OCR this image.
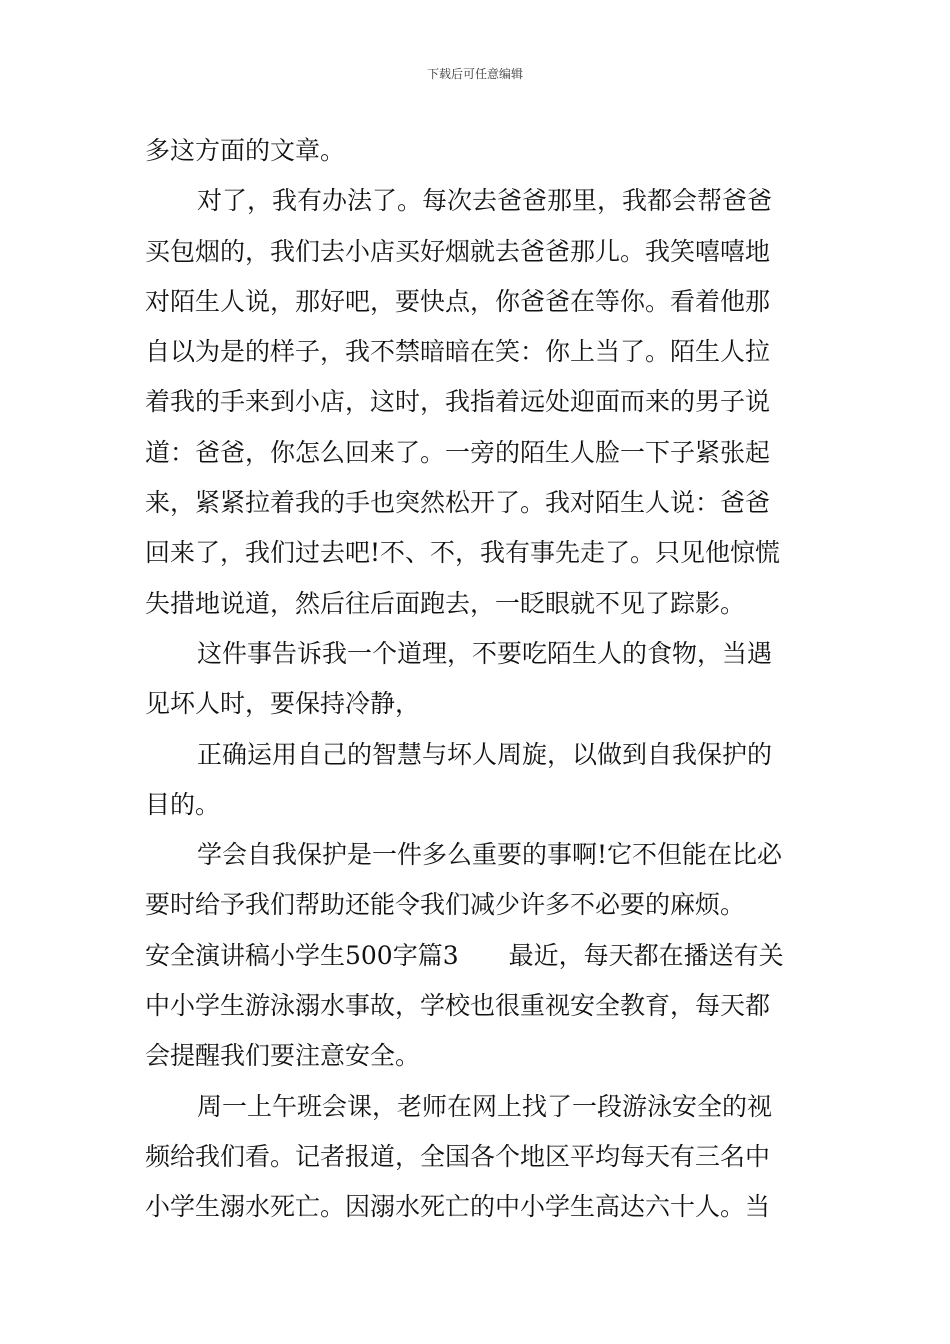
下载后可任意编辑
多这方面的文章。
对了，我有办法了。每次去爸爸那里，我都会帮爸爸
买包烟的，我们去小店买好烟就去爸爸那儿。我笑嘻嘻地
对陌生人说，那好吧，要快点，你爸爸在等你。看着他那
自以为是的样子，我不禁暗暗在笑：你上当了。陌生人拉
着我的手来到小店，这时，我指着远处迎面而来的男子说
道：爸爸，你怎么回来了。一旁的陌生人脸一下子紧张起
来，紧紧拉着我的手也突然松开了。我对陌生人说：爸爸
回来了，我们过去吧!不、不，我有事先走了。只见他惊慌
失措地说道，然后往后面跑去，一眨眼就不见了踪影。
这件事告诉我一个道理，不要吃陌生人的食物，当遇
见坏人时，要保持冷静，
正确运用自己的智慧与坏人周旋，以做到自我保护的
目的。
学会自我保护是一件多么重要的事啊!它不但能在比必
要时给予我们帮助还能令我们减少许多不必要的麻烦。
安全演讲稿小学生500字篇3　　最近，每天都在播送有关
中小学生游泳溺水事故，学校也很重视安全教育，每天都
会提醒我们要注意安全。
周一上午班会课，老师在网上找了一段游泳安全的视
频给我们看。记者报道，全国各个地区平均每天有三名中
小学生溺水死亡。因溺水死亡的中小学生高达六十人。当
